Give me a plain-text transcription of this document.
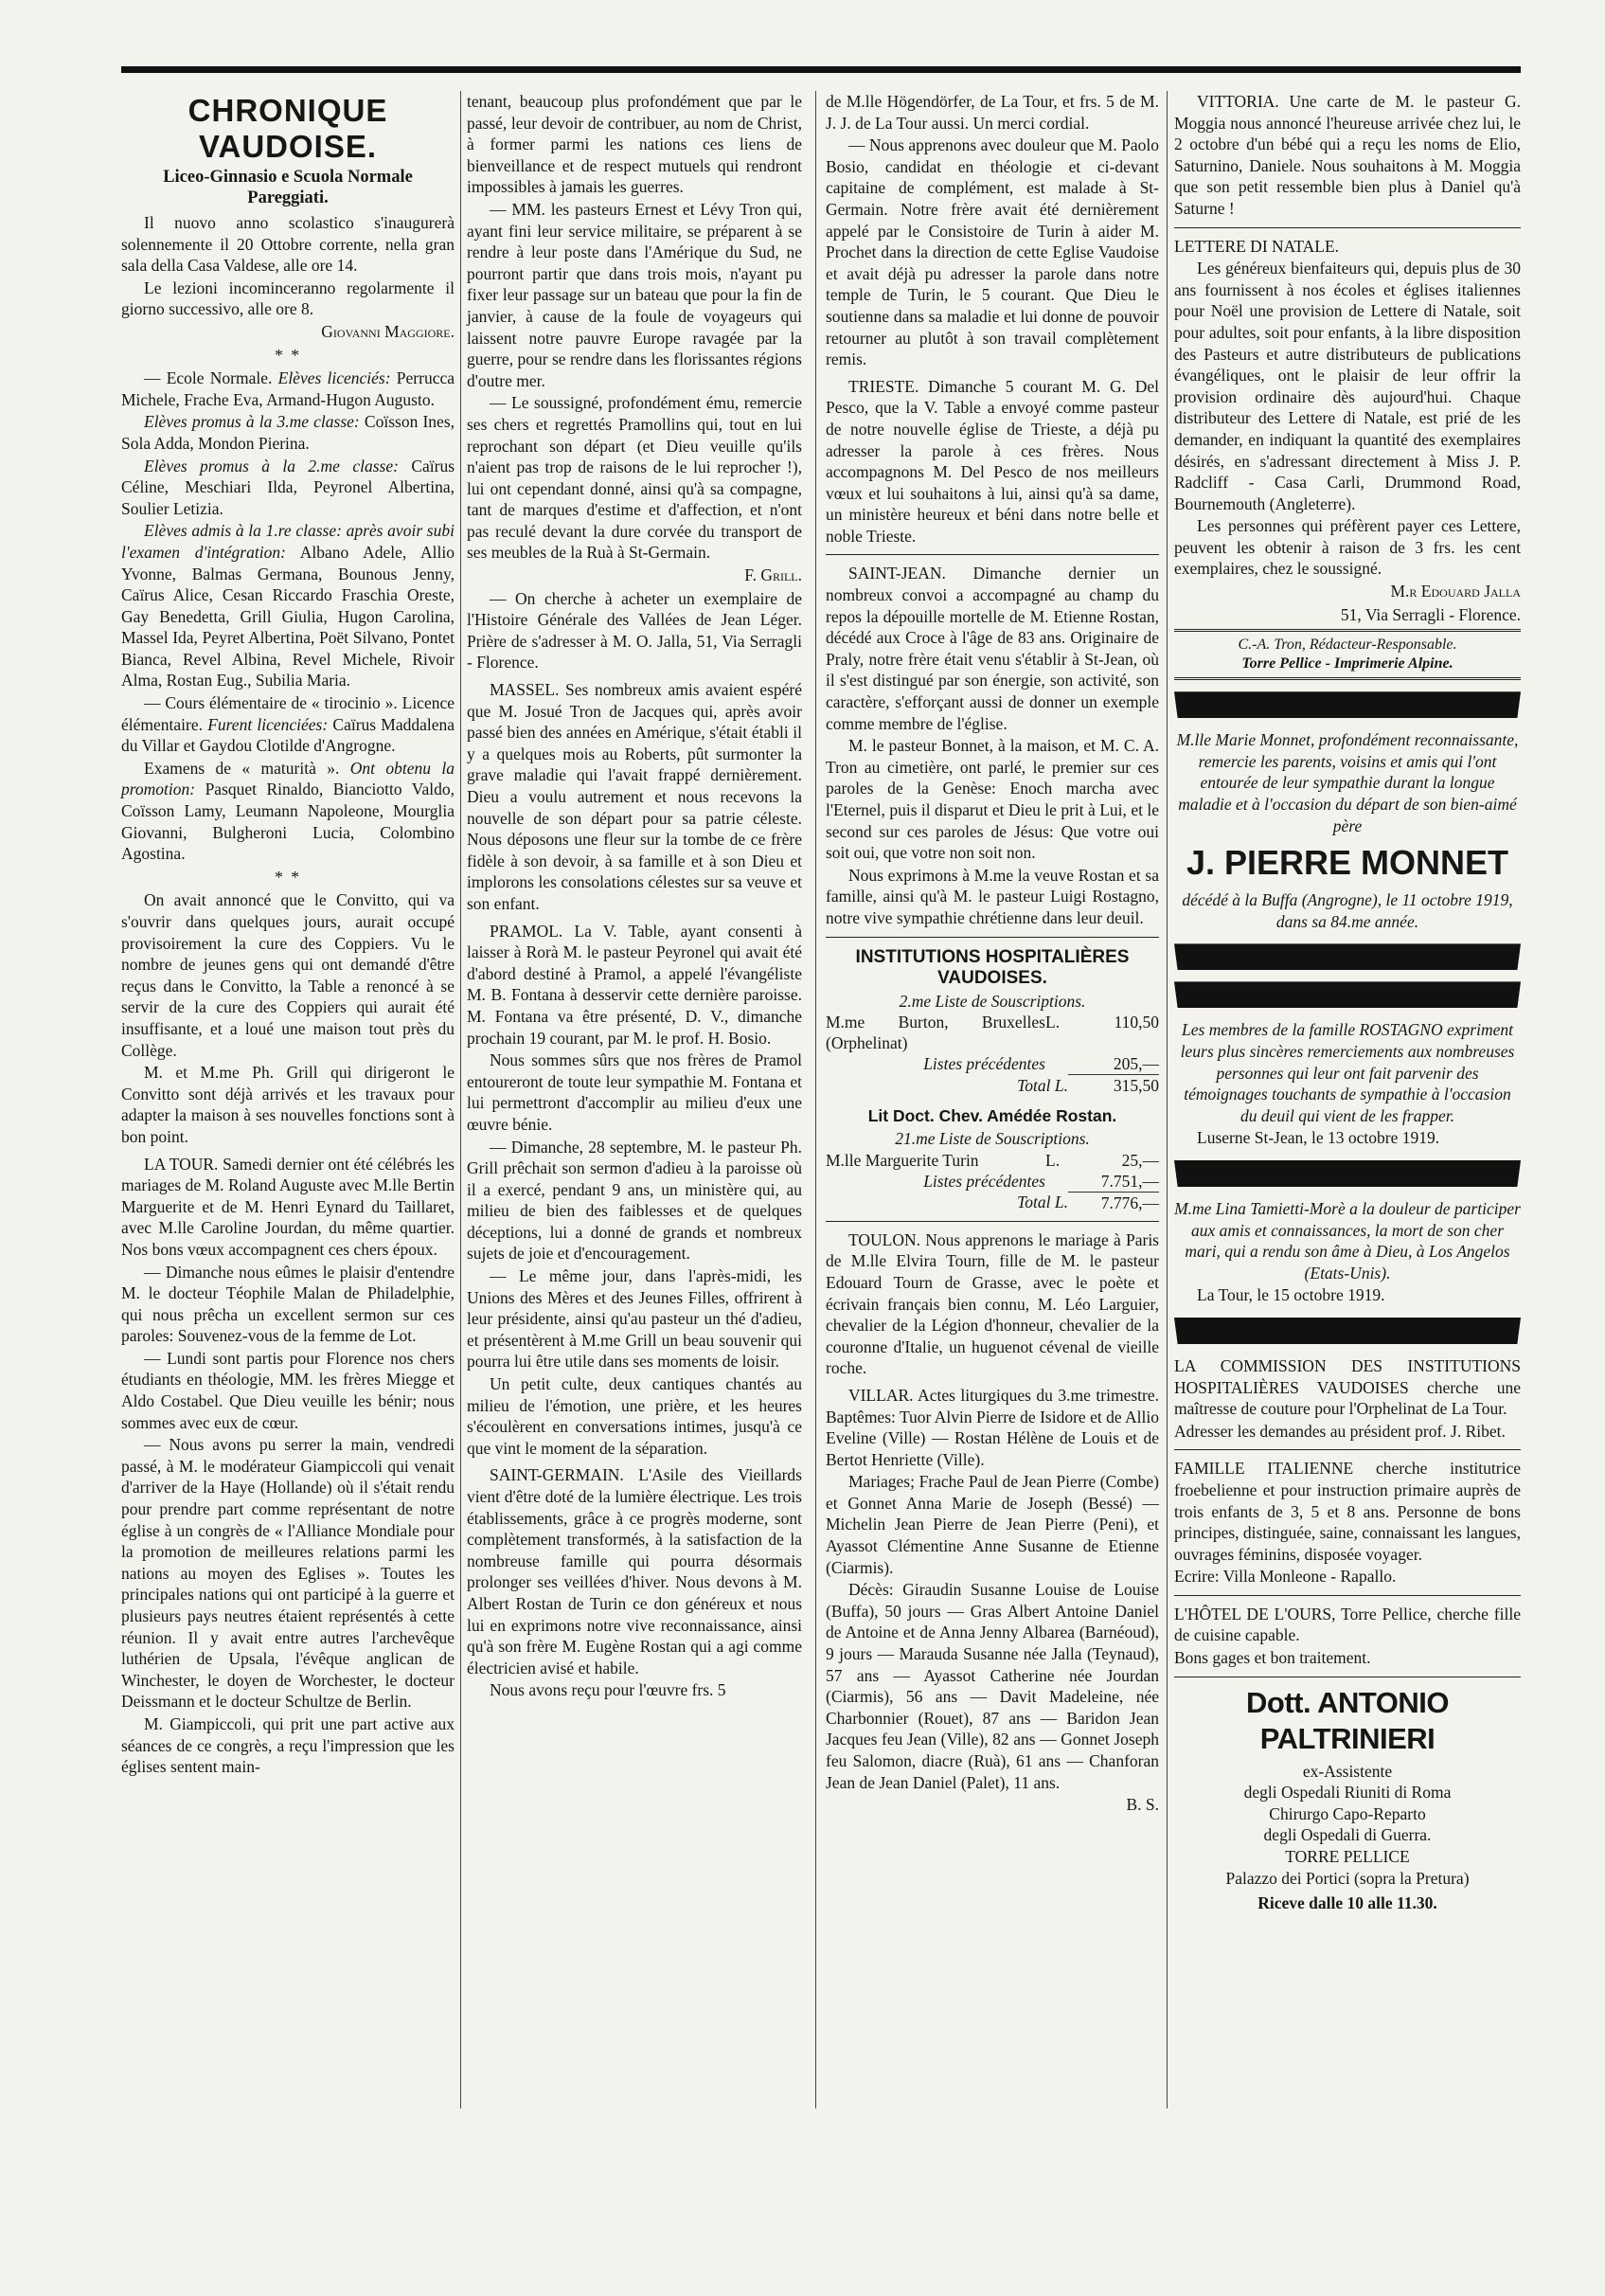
CHRONIQUE VAUDOISE.
Liceo-Ginnasio e Scuola Normale Pareggiati.

Il nuovo anno scolastico s'inaugurerà solennemente il 20 Ottobre corrente, nella gran sala della Casa Valdese, alle ore 14.

Le lezioni incominceranno regolarmente il giorno successivo, alle ore 8.

Giovanni Maggiore.
* *

— Ecole Normale. Elèves licenciés: Perrucca Michele, Frache Eva, Armand-Hugon Augusto.

Elèves promus à la 3.me classe: Coïsson Ines, Sola Adda, Mondon Pierina.

Elèves promus à la 2.me classe: Caïrus Céline, Meschiari Ilda, Peyronel Albertina, Soulier Letizia.

Elèves admis à la 1.re classe: après avoir subi l'examen d'intégration: Albano Adele, Allio Yvonne, Balmas Germana, Bounous Jenny, Caïrus Alice, Cesan Riccardo Fraschia Oreste, Gay Benedetta, Grill Giulia, Hugon Carolina, Massel Ida, Peyret Albertina, Poët Silvano, Pontet Bianca, Revel Albina, Revel Michele, Rivoir Alma, Rostan Eug., Subilia Maria.

— Cours élémentaire de « tirocinio ». Licence élémentaire. Furent licenciées: Caïrus Maddalena du Villar et Gaydou Clotilde d'Angrogne.

Examens de « maturità ». Ont obtenu la promotion: Pasquet Rinaldo, Bianciotto Valdo, Coïsson Lamy, Leumann Napoleone, Mourglia Giovanni, Bulgheroni Lucia, Colombino Agostina.

* *

On avait annoncé que le Convitto, qui va s'ouvrir dans quelques jours, aurait occupé provisoirement la cure des Coppiers. Vu le nombre de jeunes gens qui ont demandé d'être reçus dans le Convitto, la Table a renoncé à se servir de la cure des Coppiers qui aurait été insuffisante, et a loué une maison tout près du Collège.

M. et M.me Ph. Grill qui dirigeront le Convitto sont déjà arrivés et les travaux pour adapter la maison à ses nouvelles fonctions sont à bon point.

LA TOUR. Samedi dernier ont été célébrés les mariages de M. Roland Auguste avec M.lle Bertin Marguerite et de M. Henri Eynard du Taillaret, avec M.lle Caroline Jourdan, du même quartier. Nos bons vœux accompagnent ces chers époux.

— Dimanche nous eûmes le plaisir d'entendre M. le docteur Téophile Malan de Philadelphie, qui nous prêcha un excellent sermon sur ces paroles: Souvenez-vous de la femme de Lot.

— Lundi sont partis pour Florence nos chers étudiants en théologie, MM. les frères Miegge et Aldo Costabel. Que Dieu veuille les bénir; nous sommes avec eux de cœur.

— Nous avons pu serrer la main, vendredi passé, à M. le modérateur Giampiccoli qui venait d'arriver de la Haye (Hollande) où il s'était rendu pour prendre part comme représentant de notre église à un congrès de « l'Alliance Mondiale pour la promotion de meilleures relations parmi les nations au moyen des Eglises ». Toutes les principales nations qui ont participé à la guerre et plusieurs pays neutres étaient représentés à cette réunion. Il y avait entre autres l'archevêque luthérien de Upsala, l'évêque anglican de Winchester, le doyen de Worchester, le docteur Deissmann et le docteur Schultze de Berlin.

M. Giampiccoli, qui prit une part active aux séances de ce congrès, a reçu l'impression que les églises sentent main-

tenant, beaucoup plus profondément que par le passé, leur devoir de contribuer, au nom de Christ, à former parmi les nations ces liens de bienveillance et de respect mutuels qui rendront impossibles à jamais les guerres.

— MM. les pasteurs Ernest et Lévy Tron qui, ayant fini leur service militaire, se préparent à se rendre à leur poste dans l'Amérique du Sud, ne pourront partir que dans trois mois, n'ayant pu fixer leur passage sur un bateau que pour la fin de janvier, à cause de la foule de voyageurs qui laissent notre pauvre Europe ravagée par la guerre, pour se rendre dans les florissantes régions d'outre mer.

— Le soussigné, profondément ému, remercie ses chers et regrettés Pramollins qui, tout en lui reprochant son départ (et Dieu veuille qu'ils n'aient pas trop de raisons de le lui reprocher !), lui ont cependant donné, ainsi qu'à sa compagne, tant de marques d'estime et d'affection, et n'ont pas reculé devant la dure corvée du transport de ses meubles de la Ruà à St-Germain.

F. Grill.

— On cherche à acheter un exemplaire de l'Histoire Générale des Vallées de Jean Léger. Prière de s'adresser à M. O. Jalla, 51, Via Serragli - Florence.

MASSEL. Ses nombreux amis avaient espéré que M. Josué Tron de Jacques qui, après avoir passé bien des années en Amérique, s'était établi il y a quelques mois au Roberts, pût surmonter la grave maladie qui l'avait frappé dernièrement. Dieu a voulu autrement et nous recevons la nouvelle de son départ pour sa patrie céleste. Nous déposons une fleur sur la tombe de ce frère fidèle à son devoir, à sa famille et à son Dieu et implorons les consolations célestes sur sa veuve et son enfant.

PRAMOL. La V. Table, ayant consenti à laisser à Rorà M. le pasteur Peyronel qui avait été d'abord destiné à Pramol, a appelé l'évangéliste M. B. Fontana à desservir cette dernière paroisse. M. Fontana va être présenté, D. V., dimanche prochain 19 courant, par M. le prof. H. Bosio.

Nous sommes sûrs que nos frères de Pramol entoureront de toute leur sympathie M. Fontana et lui permettront d'accomplir au milieu d'eux une œuvre bénie.

— Dimanche, 28 septembre, M. le pasteur Ph. Grill prêchait son sermon d'adieu à la paroisse où il a exercé, pendant 9 ans, un ministère qui, au milieu de bien des faiblesses et de quelques déceptions, lui a donné de grands et nombreux sujets de joie et d'encouragement.

— Le même jour, dans l'après-midi, les Unions des Mères et des Jeunes Filles, offrirent à leur présidente, ainsi qu'au pasteur un thé d'adieu, et présentèrent à M.me Grill un beau souvenir qui pourra lui être utile dans ses moments de loisir.

Un petit culte, deux cantiques chantés au milieu de l'émotion, une prière, et les heures s'écoulèrent en conversations intimes, jusqu'à ce que vint le moment de la séparation.

SAINT-GERMAIN. L'Asile des Vieillards vient d'être doté de la lumière électrique. Les trois établissements, grâce à ce progrès moderne, sont complètement transformés, à la satisfaction de la nombreuse famille qui pourra désormais prolonger ses veillées d'hiver. Nous devons à M. Albert Rostan de Turin ce don généreux et nous lui en exprimons notre vive reconnaissance, ainsi qu'à son frère M. Eugène Rostan qui a agi comme électricien avisé et habile.

Nous avons reçu pour l'œuvre frs. 5

de M.lle Högendörfer, de La Tour, et frs. 5 de M. J. J. de La Tour aussi. Un merci cordial.

— Nous apprenons avec douleur que M. Paolo Bosio, candidat en théologie et ci-devant capitaine de complément, est malade à St-Germain. Notre frère avait été dernièrement appelé par le Consistoire de Turin à aider M. Prochet dans la direction de cette Eglise Vaudoise et avait déjà pu adresser la parole dans notre temple de Turin, le 5 courant. Que Dieu le soutienne dans sa maladie et lui donne de pouvoir retourner au plutôt à son travail complètement remis.

TRIESTE. Dimanche 5 courant M. G. Del Pesco, que la V. Table a envoyé comme pasteur de notre nouvelle église de Trieste, a déjà pu adresser la parole à ces frères. Nous accompagnons M. Del Pesco de nos meilleurs vœux et lui souhaitons à lui, ainsi qu'à sa dame, un ministère heureux et béni dans notre belle et noble Trieste.

SAINT-JEAN. Dimanche dernier un nombreux convoi a accompagné au champ du repos la dépouille mortelle de M. Etienne Rostan, décédé aux Croce à l'âge de 83 ans. Originaire de Praly, notre frère était venu s'établir à St-Jean, où il s'est distingué par son énergie, son activité, son caractère, s'efforçant aussi de donner un exemple comme membre de l'église.

M. le pasteur Bonnet, à la maison, et M. C. A. Tron au cimetière, ont parlé, le premier sur ces paroles de la Genèse: Enoch marcha avec l'Eternel, puis il disparut et Dieu le prit à Lui, et le second sur ces paroles de Jésus: Que votre oui soit oui, que votre non soit non.

Nous exprimons à M.me la veuve Rostan et sa famille, ainsi qu'à M. le pasteur Luigi Rostagno, notre vive sympathie chrétienne dans leur deuil.

INSTITUTIONS HOSPITALIÈRES VAUDOISES.
2.me Liste de Souscriptions.
M.me Burton, Bruxelles (Orphelinat)	L.	110,50
Listes précédentes		205,—
Total L.		315,50
Lit Doct. Chev. Amédée Rostan.
21.me Liste de Souscriptions.
M.lle Marguerite Turin	L.	25,—
Listes précédentes		7.751,—
Total L.		7.776,—

TOULON. Nous apprenons le mariage à Paris de M.lle Elvira Tourn, fille de M. le pasteur Edouard Tourn de Grasse, avec le poète et écrivain français bien connu, M. Léo Larguier, chevalier de la Légion d'honneur, chevalier de la couronne d'Italie, un huguenot cévenal de vieille roche.

VILLAR. Actes liturgiques du 3.me trimestre. Baptêmes: Tuor Alvin Pierre de Isidore et de Allio Eveline (Ville) — Rostan Hélène de Louis et de Bertot Henriette (Ville).

Mariages; Frache Paul de Jean Pierre (Combe) et Gonnet Anna Marie de Joseph (Bessé) — Michelin Jean Pierre de Jean Pierre (Peni), et Ayassot Clémentine Anne Susanne de Etienne (Ciarmis).

Décès: Giraudin Susanne Louise de Louise (Buffa), 50 jours — Gras Albert Antoine Daniel de Antoine et de Anna Jenny Albarea (Barnéoud), 9 jours — Marauda Susanne née Jalla (Teynaud), 57 ans — Ayassot Catherine née Jourdan (Ciarmis), 56 ans — Davit Madeleine, née Charbonnier (Rouet), 87 ans — Baridon Jean Jacques feu Jean (Ville), 82 ans — Gonnet Joseph feu Salomon, diacre (Ruà), 61 ans — Chanforan Jean de Jean Daniel (Palet), 11 ans.

B. S.

VITTORIA. Une carte de M. le pasteur G. Moggia nous annoncé l'heureuse arrivée chez lui, le 2 octobre d'un bébé qui a reçu les noms de Elio, Saturnino, Daniele. Nous souhaitons à M. Moggia que son petit ressemble bien plus à Daniel qu'à Saturne !

LETTERE DI NATALE.

Les généreux bienfaiteurs qui, depuis plus de 30 ans fournissent à nos écoles et églises italiennes pour Noël une provision de Lettere di Natale, soit pour adultes, soit pour enfants, à la libre disposition des Pasteurs et autre distributeurs de publications évangéliques, ont le plaisir de leur offrir la provision ordinaire dès aujourd'hui. Chaque distributeur des Lettere di Natale, est prié de les demander, en indiquant la quantité des exemplaires désirés, en s'adressant directement à Miss J. P. Radcliff - Casa Carli, Drummond Road, Bournemouth (Angleterre).

Les personnes qui préfèrent payer ces Lettere, peuvent les obtenir à raison de 3 frs. les cent exemplaires, chez le soussigné.

M.r Edouard Jalla
51, Via Serragli - Florence.
C.-A. Tron, Rédacteur-Responsable.
Torre Pellice - Imprimerie Alpine.

M.lle Marie Monnet, profondément reconnaissante, remercie les parents, voisins et amis qui l'ont entourée de leur sympathie durant la longue maladie et à l'occasion du départ de son bien-aimé père

J. PIERRE MONNET

décédé à la Buffa (Angrogne), le 11 octobre 1919, dans sa 84.me année.

Les membres de la famille ROSTAGNO expriment leurs plus sincères remerciements aux nombreuses personnes qui leur ont fait parvenir des témoignages touchants de sympathie à l'occasion du deuil qui vient de les frapper.

Luserne St-Jean, le 13 octobre 1919.

M.me Lina Tamietti-Morè a la douleur de participer aux amis et connaissances, la mort de son cher mari, qui a rendu son âme à Dieu, à Los Angelos (Etats-Unis).

La Tour, le 15 octobre 1919.

LA COMMISSION DES INSTITUTIONS HOSPITALIÈRES VAUDOISES cherche une maîtresse de couture pour l'Orphelinat de La Tour.

Adresser les demandes au président prof. J. Ribet.

FAMILLE ITALIENNE cherche institutrice froebelienne et pour instruction primaire auprès de trois enfants de 3, 5 et 8 ans. Personne de bons principes, distinguée, saine, connaissant les langues, ouvrages féminins, disposée voyager.

Ecrire: Villa Monleone - Rapallo.

L'HÔTEL DE L'OURS, Torre Pellice, cherche fille de cuisine capable.

Bons gages et bon traitement.

Dott. ANTONIO PALTRINIERI
ex-Assistente
degli Ospedali Riuniti di Roma
Chirurgo Capo-Reparto
degli Ospedali di Guerra.
TORRE PELLICE
Palazzo dei Portici (sopra la Pretura)
Riceve dalle 10 alle 11.30.
